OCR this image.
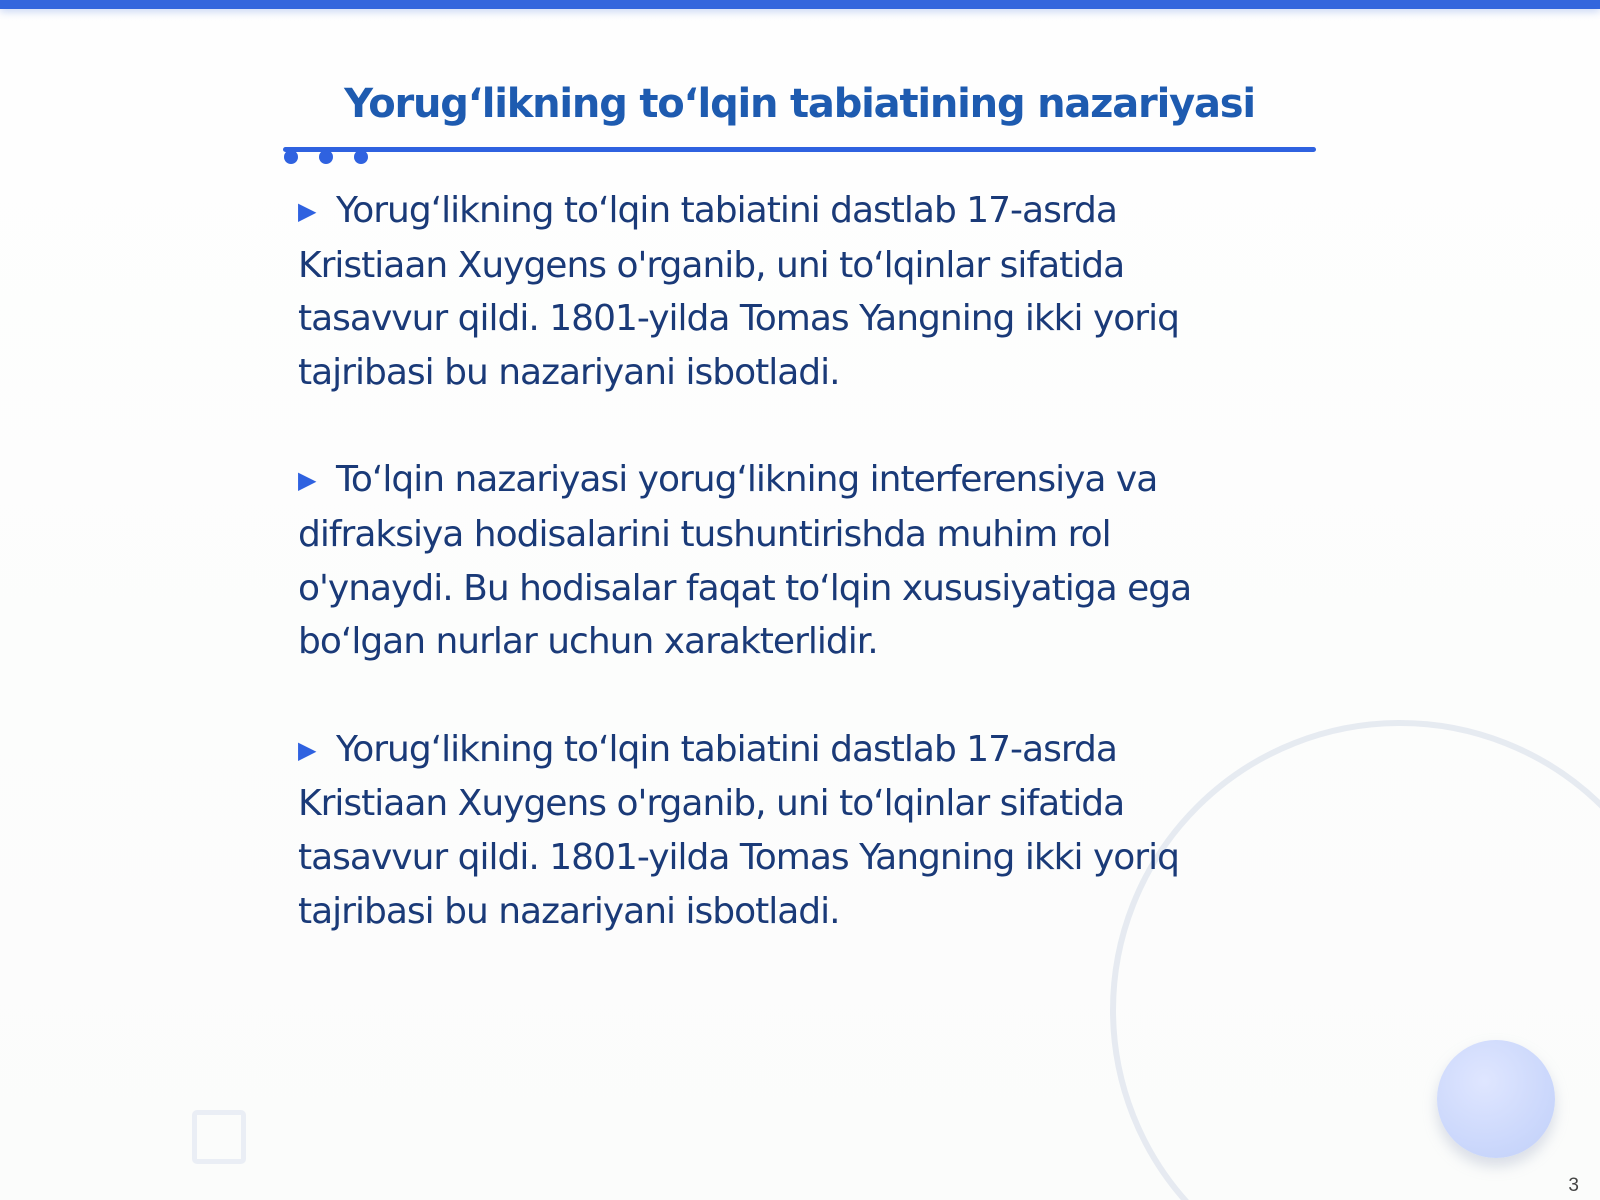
Yorug‘likning to‘lqin tabiatining nazariyasi

▶ Yorug‘likning to‘lqin tabiatini dastlab 17-asrda Kristiaan Xuygens o'rganib, uni to‘lqinlar sifatida tasavvur qildi. 1801-yilda Tomas Yangning ikki yoriq tajribasi bu nazariyani isbotladi.

▶ To‘lqin nazariyasi yorug‘likning interferensiya va difraksiya hodisalarini tushuntirishda muhim rol o'ynaydi. Bu hodisalar faqat to‘lqin xususiyatiga ega bo‘lgan nurlar uchun xarakterlidir.

▶ Yorug‘likning to‘lqin tabiatini dastlab 17-asrda Kristiaan Xuygens o'rganib, uni to‘lqinlar sifatida tasavvur qildi. 1801-yilda Tomas Yangning ikki yoriq tajribasi bu nazariyani isbotladi.

3
